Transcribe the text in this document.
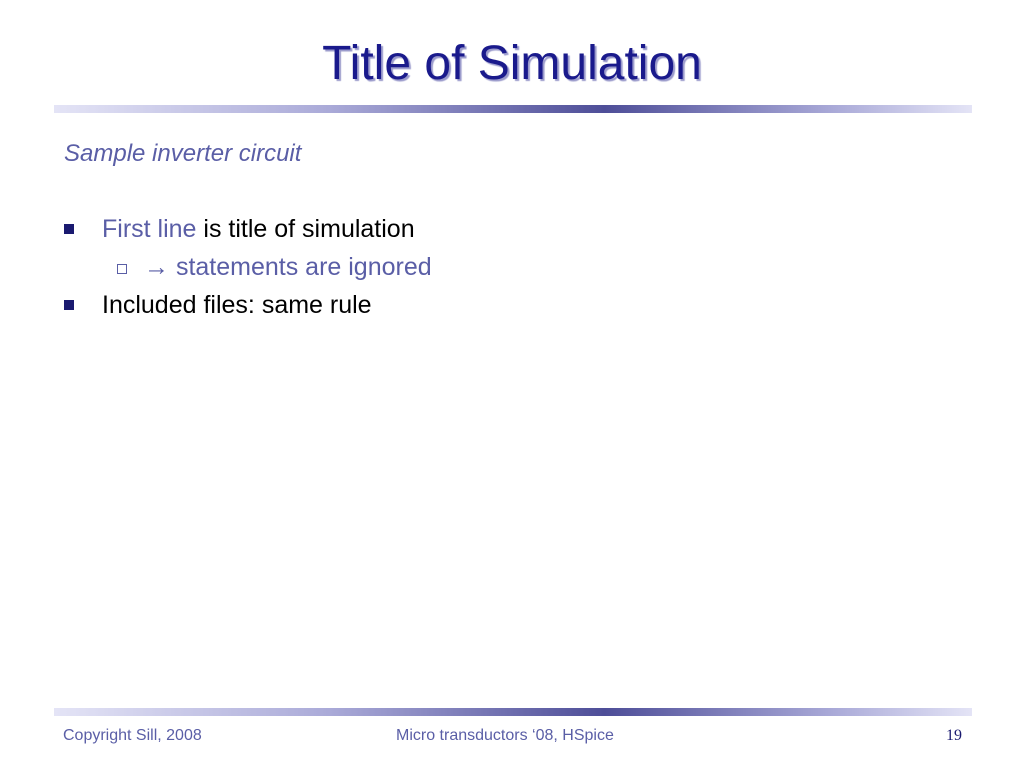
Title of Simulation
Sample inverter circuit
First line is title of simulation
→ statements are ignored
Included files: same rule
Copyright Sill, 2008	Micro transductors ‘08, HSpice	19
